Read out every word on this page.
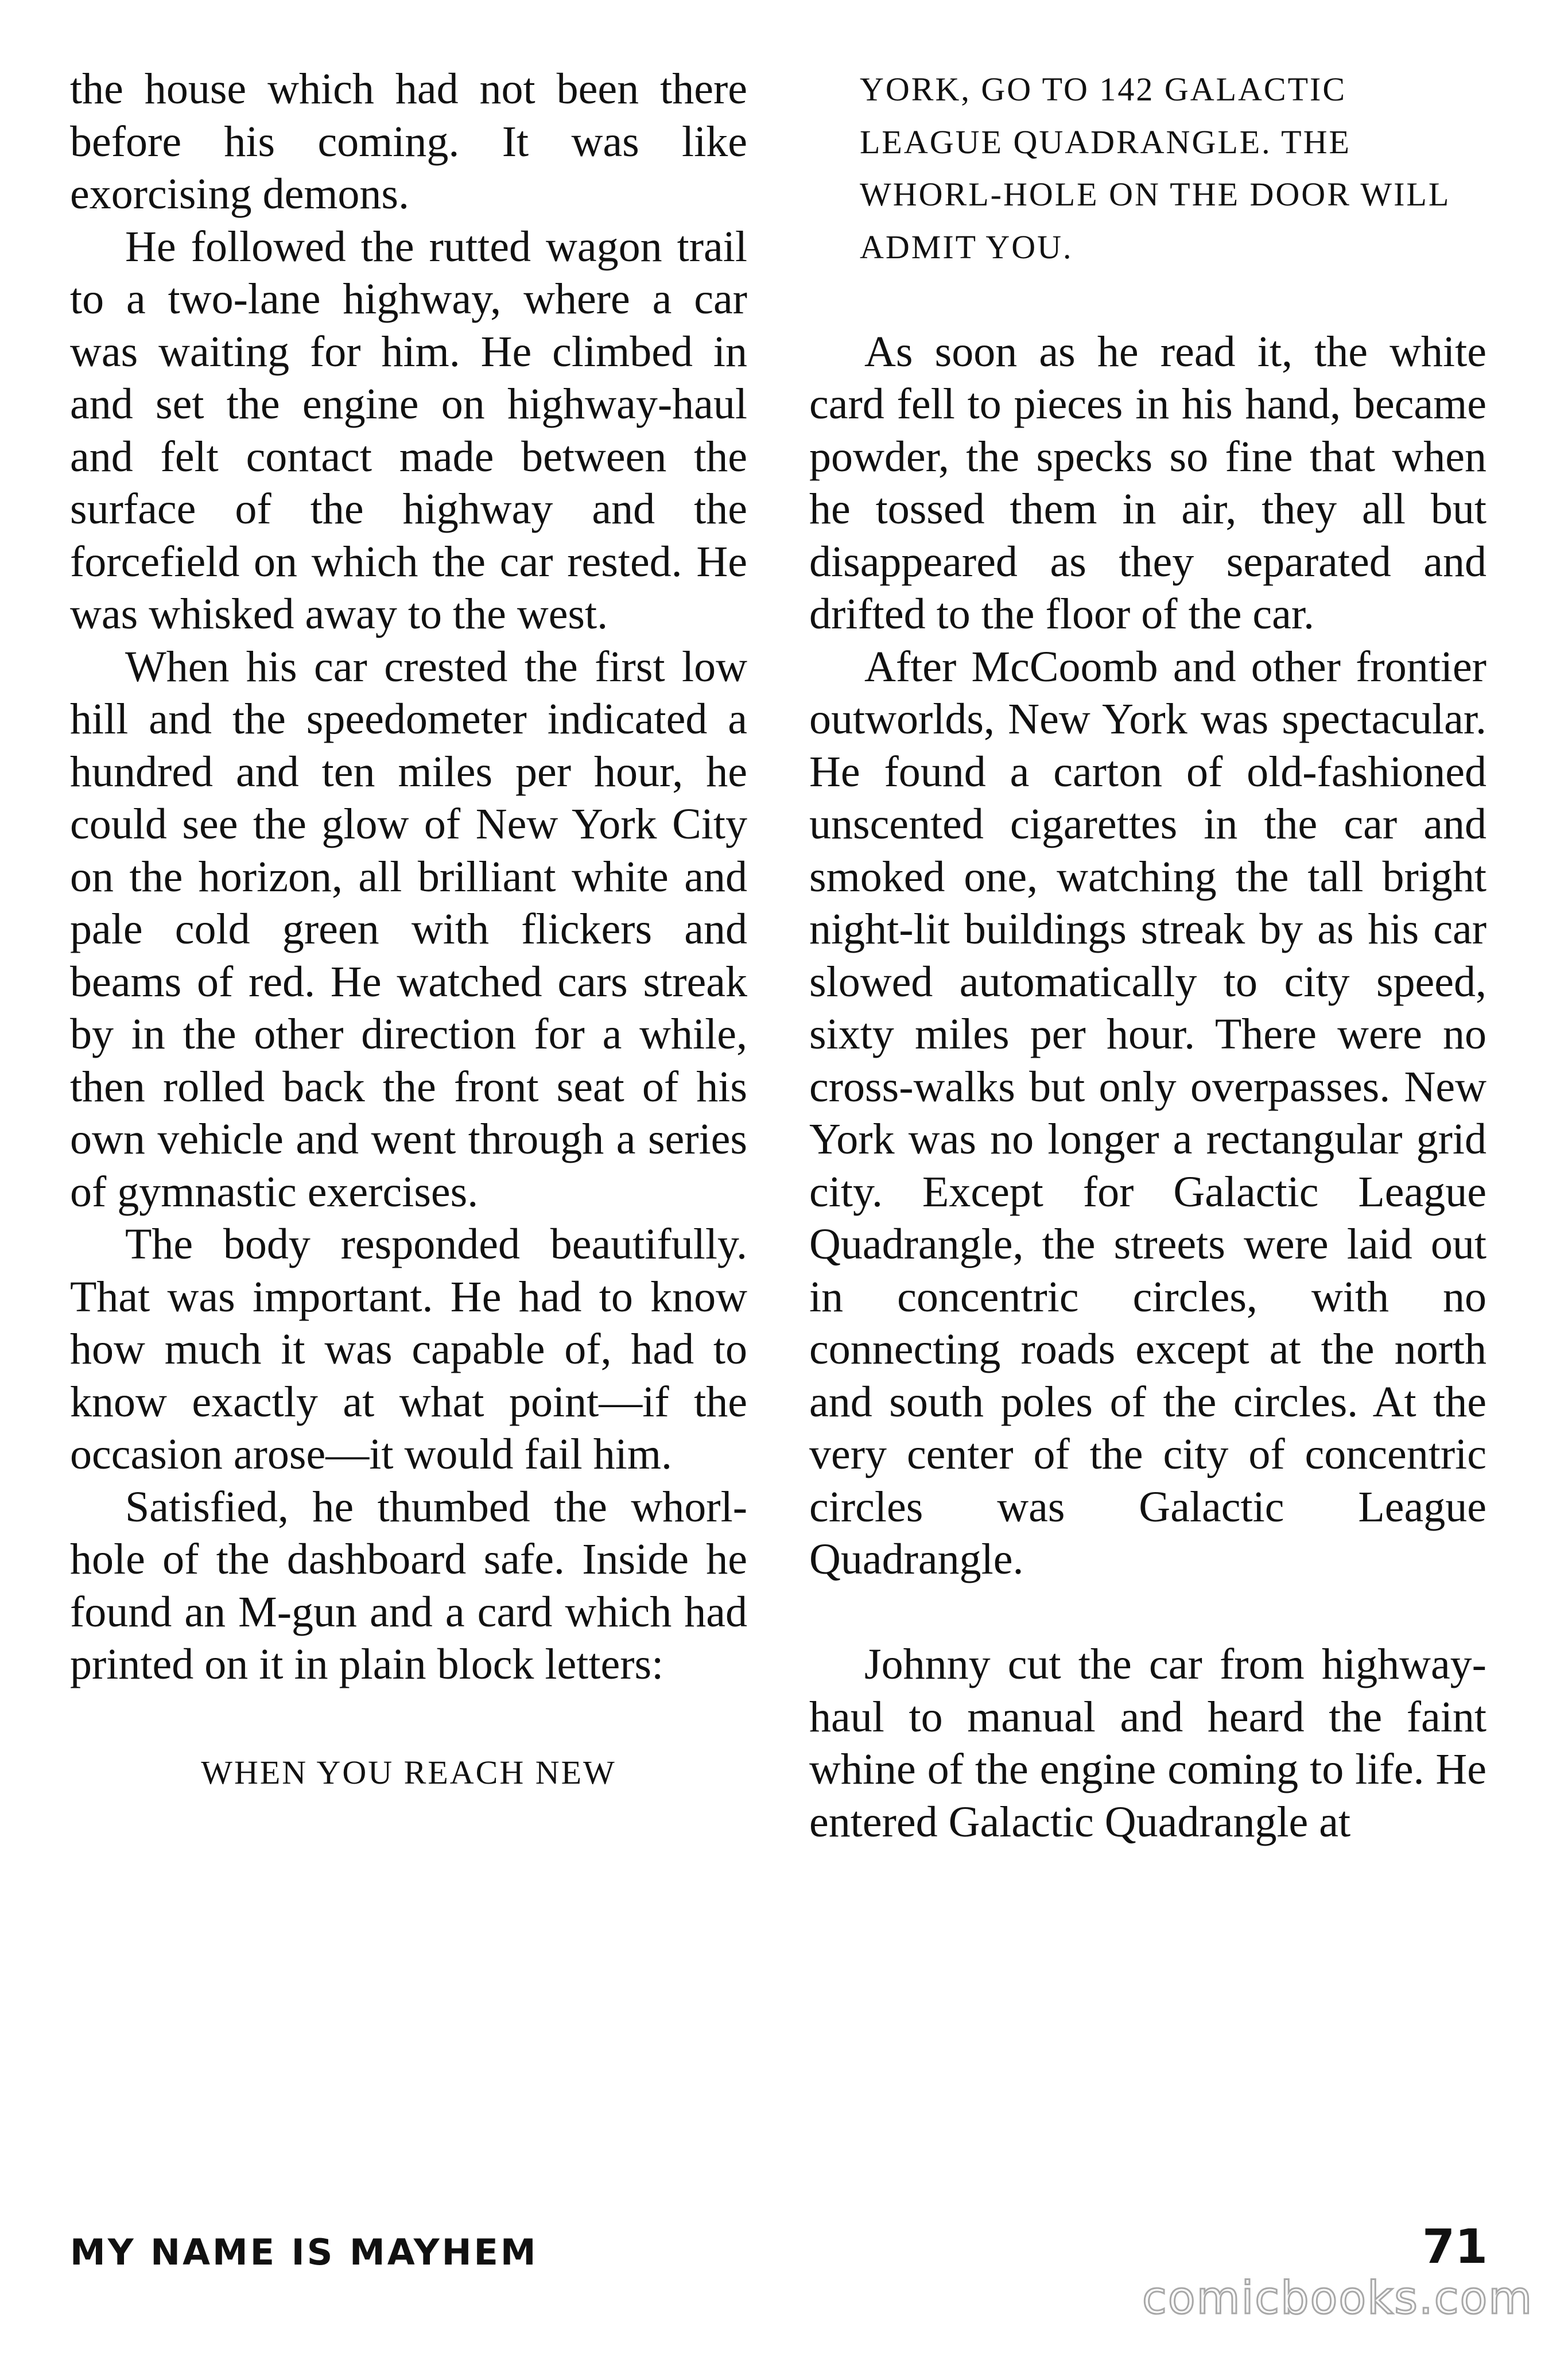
the house which had not been there before his coming. It was like exorcising demons.

He followed the rutted wagon trail to a two-lane highway, where a car was waiting for him. He climbed in and set the engine on highway-haul and felt contact made between the surface of the highway and the forcefield on which the car rested. He was whisked away to the west.

When his car crested the first low hill and the speedometer indicated a hundred and ten miles per hour, he could see the glow of New York City on the horizon, all brilliant white and pale cold green with flickers and beams of red. He watched cars streak by in the other direction for a while, then rolled back the front seat of his own vehicle and went through a series of gymnastic exercises.

The body responded beautifully. That was important. He had to know how much it was capable of, had to know exactly at what point—if the occasion arose—it would fail him.

Satisfied, he thumbed the whorl-hole of the dashboard safe. Inside he found an M-gun and a card which had printed on it in plain block letters:

WHEN YOU REACH NEW

YORK, GO TO 142 GALACTIC LEAGUE QUADRANGLE. THE WHORL-HOLE ON THE DOOR WILL ADMIT YOU.

As soon as he read it, the white card fell to pieces in his hand, became powder, the specks so fine that when he tossed them in air, they all but disappeared as they separated and drifted to the floor of the car.

After McCoomb and other frontier outworlds, New York was spectacular. He found a carton of old-fashioned unscented cigarettes in the car and smoked one, watching the tall bright night-lit buildings streak by as his car slowed automatically to city speed, sixty miles per hour. There were no cross-walks but only overpasses. New York was no longer a rectangular grid city. Except for Galactic League Quadrangle, the streets were laid out in concentric circles, with no connecting roads except at the north and south poles of the circles. At the very center of the city of concentric circles was Galactic League Quadrangle.

Johnny cut the car from highway-haul to manual and heard the faint whine of the engine coming to life. He entered Galactic Quadrangle at

MY NAME IS MAYHEM	71
comicbooks.com
